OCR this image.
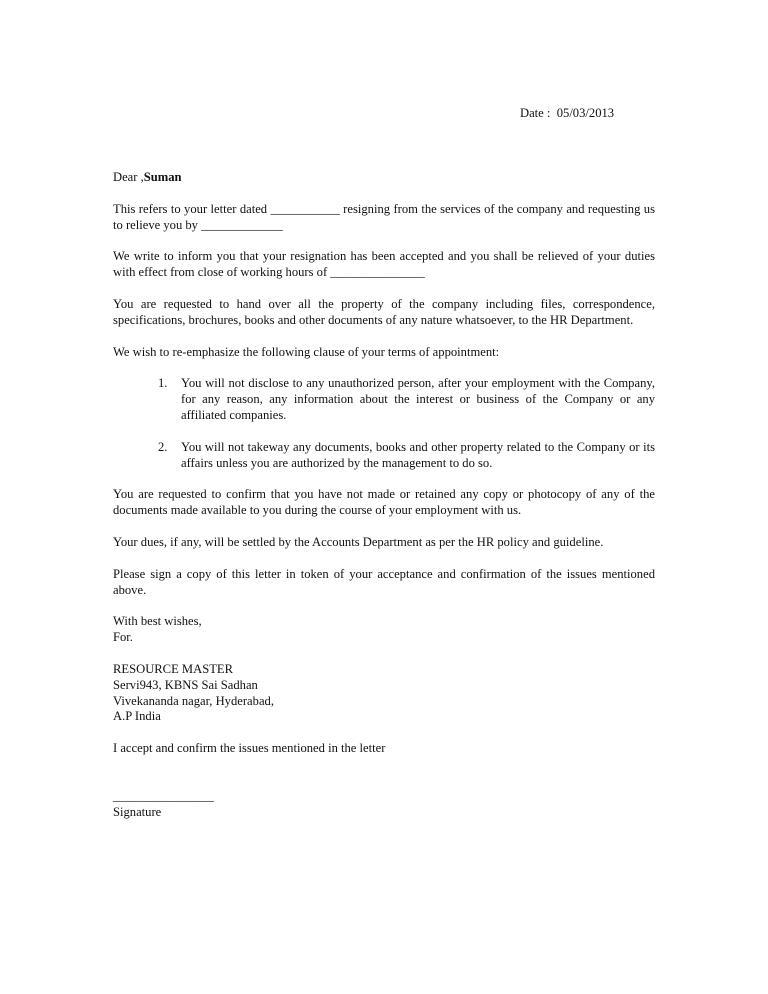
Date : 05/03/2013

Dear ,Suman

This refers to your letter dated ___________ resigning from the services of the company and requesting us to relieve you by _____________

We write to inform you that your resignation has been accepted and you shall be relieved of your duties with effect from close of working hours of _______________

You are requested to hand over all the property of the company including files, correspondence, specifications, brochures, books and other documents of any nature whatsoever, to the HR Department.

We wish to re-emphasize the following clause of your terms of appointment:

1. You will not disclose to any unauthorized person, after your employment with the Company, for any reason, any information about the interest or business of the Company or any affiliated companies.
2. You will not takeway any documents, books and other property related to the Company or its affairs unless you are authorized by the management to do so.

You are requested to confirm that you have not made or retained any copy or photocopy of any of the documents made available to you during the course of your employment with us.

Your dues, if any, will be settled by the Accounts Department as per the HR policy and guideline.

Please sign a copy of this letter in token of your acceptance and confirmation of the issues mentioned above.

With best wishes,
For.

RESOURCE MASTER
Servi943, KBNS Sai Sadhan
Vivekananda nagar, Hyderabad,
A.P India

I accept and confirm the issues mentioned in the letter

________________
Signature
